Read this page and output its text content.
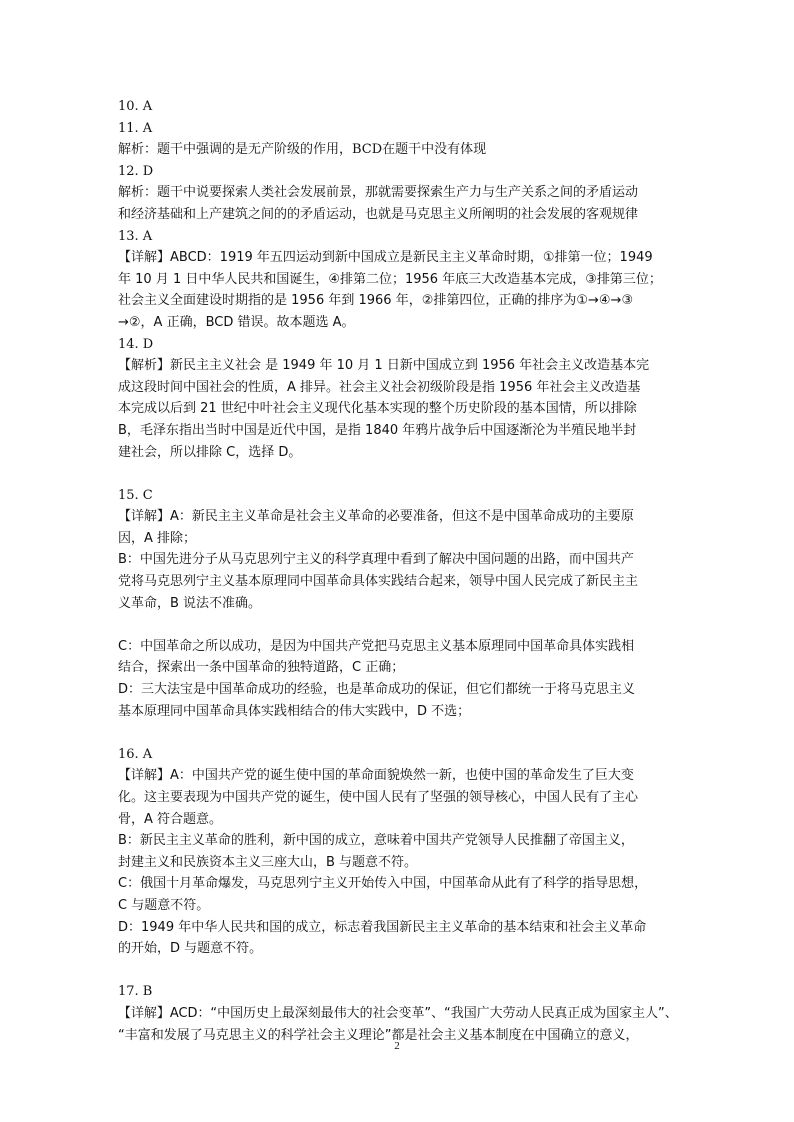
10. A
11. A
解析：题干中强调的是无产阶级的作用，BCD在题干中没有体现
12. D
解析：题干中说要探索人类社会发展前景，那就需要探索生产力与生产关系之间的矛盾运动
和经济基础和上产建筑之间的的矛盾运动，也就是马克思主义所阐明的社会发展的客观规律
13. A
【详解】ABCD：1919 年五四运动到新中国成立是新民主主义革命时期，①排第一位；1949
年 10 月 1 日中华人民共和国诞生，④排第二位；1956 年底三大改造基本完成，③排第三位；
社会主义全面建设时期指的是 1956 年到 1966 年，②排第四位，正确的排序为①→④→③
→②，A 正确，BCD 错误。故本题选 A。
14. D
【解析】新民主主义社会 是 1949 年 10 月 1 日新中国成立到 1956 年社会主义改造基本完
成这段时间中国社会的性质，A 排异。社会主义社会初级阶段是指 1956 年社会主义改造基
本完成以后到 21 世纪中叶社会主义现代化基本实现的整个历史阶段的基本国情，所以排除
B，毛泽东指出当时中国是近代中国，是指 1840 年鸦片战争后中国逐渐沦为半殖民地半封
建社会，所以排除 C，选择 D。
15. C
【详解】A：新民主主义革命是社会主义革命的必要准备，但这不是中国革命成功的主要原
因，A 排除；
B：中国先进分子从马克思列宁主义的科学真理中看到了解决中国问题的出路，而中国共产
党将马克思列宁主义基本原理同中国革命具体实践结合起来，领导中国人民完成了新民主主
义革命，B 说法不准确。
C：中国革命之所以成功，是因为中国共产党把马克思主义基本原理同中国革命具体实践相
结合，探索出一条中国革命的独特道路，C 正确；
D：三大法宝是中国革命成功的经验，也是革命成功的保证，但它们都统一于将马克思主义
基本原理同中国革命具体实践相结合的伟大实践中，D 不选；
16. A
【详解】A：中国共产党的诞生使中国的革命面貌焕然一新，也使中国的革命发生了巨大变
化。这主要表现为中国共产党的诞生，使中国人民有了坚强的领导核心，中国人民有了主心
骨，A 符合题意。
B：新民主主义革命的胜利，新中国的成立，意味着中国共产党领导人民推翻了帝国主义，
封建主义和民族资本主义三座大山，B 与题意不符。
C：俄国十月革命爆发，马克思列宁主义开始传入中国，中国革命从此有了科学的指导思想，
C 与题意不符。
D：1949 年中华人民共和国的成立，标志着我国新民主主义革命的基本结束和社会主义革命
的开始，D 与题意不符。
17. B
【详解】ACD：“中国历史上最深刻最伟大的社会变革”、“我国广大劳动人民真正成为国家主人”、
“丰富和发展了马克思主义的科学社会主义理论”都是社会主义基本制度在中国确立的意义，
2
